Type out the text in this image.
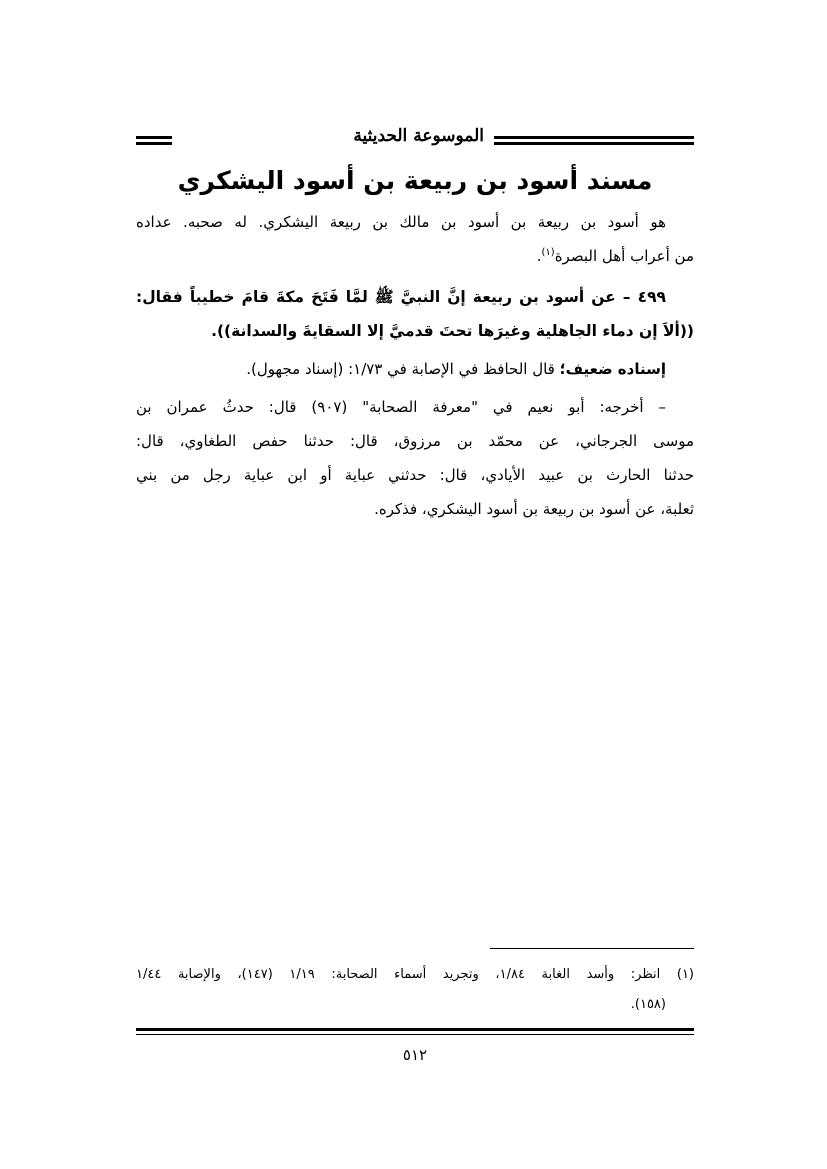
الموسوعة الحديثية
مسند أسود بن ربيعة بن أسود اليشكري
هو أسود بن ربيعة بن أسود بن مالك بن ربيعة اليشكري. له صحبه. عداده
من أعراب أهل البصرة$^{(١)}$.
٤٩٩ – عن أسود بن ربيعة إنَّ النبيَّ ﷺ لمَّا فَتَحَ مكةَ قامَ خطيباً فقال:
((ألاَ إن دماء الجاهلية وغيرَها تحتَ قدميَّ إلا السقايةَ والسدانة)).
إسناده ضعيف؛ قال الحافظ في الإصابة في ١/٧٣: (إسناد مجهول).
– أخرجه: أبو نعيم في "معرفة الصحابة" (٩٠٧) قال: حدثُ عمران بن
موسى الجرجاني، عن محمّد بن مرزوق، قال: حدثنا حفص الطغاوي، قال:
حدثنا الحارث بن عبيد الأيادي، قال: حدثني عباية أو ابن عباية رجل من بني
ثعلبة، عن أسود بن ربيعة بن أسود اليشكري، فذكره.
(١) انظر: وأسد الغابة ١/٨٤، وتجريد أسماء الصحابة: ١/١٩ (١٤٧)، والإصابة ١/٤٤
(١٥٨).
٥١٢
